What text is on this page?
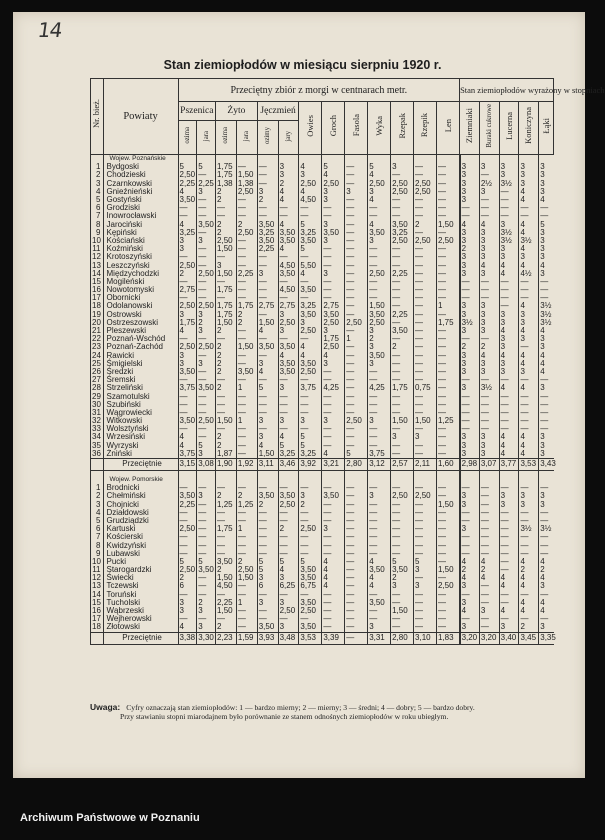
14
Stan ziemiopłodów w miesiącu sierpniu 1920 r.
Nr. bież.	Powiaty	Przeciętny zbiór z morgi w centnarach metr.													Stan ziemiopłodów wyrażony w stopniach				
		Pszenica		Żyto		Jęczmień		Owies	Groch	Fasola	Wyka	Rzepak	Rzepik	Len	Ziemniaki	Buraki cukrowe	Lucerna	Koniczyna	Łąki
		ozima	jara	ozima	jara	ozimy	jary												
	Wojew. Poznańskie																		
1	Bydgoski	5	5	1,75	—	—	3	4	5	—	5	3	—	—	3	3	3	3	3
2	Chodzieski	2,50	—	1,75	1,50	—	3	3	4	—	4	—	—	—	3	—	3	3	3
3	Czarnkowski	2,25	2,25	1,38	1,38	—	2	2,50	2,50	—	2,50	2,50	2,50	—	3	2½	3½	3	3
4	Gnieźnieński	4	3	2	2,50	3	4	4	3	3	3	2,50	2,50	—	3	3	—	4	3
5	Gostyński	3,50	—	2	—	2	4	4,50	3	—	4	—	—	—	3	—	—	4	4
6	Grodziski	—	—	—	—	—	—	—	—	—	—	—	—	—	—	—	—	—	—
7	Inowrocławski	—	—	—	—	—	—	—	—	—	—	—	—	—	—	—	—	—	—
8	Jarociński	4	3,50	2	2	3,50	4	5	3	—	4	3,50	2	1,50	4	4	3	4	5
9	Kępiński	3,25	—	2	2,50	3,25	3,50	3,25	3,50	—	3,50	3,25	—	—	3	3	3½	4	3
10	Kościański	3	3	2,50	—	3,50	3,50	3,50	3	—	3	2,50	2,50	2,50	3	3	3½	3½	3
11	Koźmiński	3	—	1,50	—	2,25	4	5	—	—	—	—	—	—	2	3	3	4	3
12	Krotoszyński	—	—	—	—	—	—	—	—	—	—	—	—	—	3	3	3	3	3
13	Leszczyński	2,50	—	3	—	—	4,50	5,50	—	—	—	—	—	—	3	4	4	4	4
14	Międzychodzki	2	2,50	1,50	2,25	3	3,50	4	3	—	2,50	2,25	—	—	3	3	4	4½	3
15	Mogileński	—	—	—	—	—	—	—	—	—	—	—	—	—	—	—	—	—	—
16	Nowotomyski	2,75	—	1,75	—	—	4,50	3,50	—	—	—	—	—	—	—	—	—	—	—
17	Obornicki	—	—	—	—	—	—	—	—	—	—	—	—	—	—	—	—	—	—
18	Odolanowski	2,50	2,50	1,75	1,75	2,75	2,75	3,25	2,75	—	1,50	—	—	1	3	3	—	4	3½
19	Ostrowski	3	3	1,75	2	—	3	3,50	3,50	—	3,50	2,25	—	—	3	3	3	3	3½
20	Ostrzeszowski	1,75	2	1,50	2	1,50	2,50	3	2,50	2,50	2,50	—	—	1,75	3½	3	3	3	3½
21	Pleszewski	4	3	2	—	4	3	2,50	3	—	3	3,50	—	—	3	3	4	4	4
22	Poznań-Wschód	—	—	—	—	—	—	—	1,75	1	2	—	—	—	—	—	3	3	3
23	Poznań-Zachód	2,50	2,50	2	1,50	3,50	3,50	4	2,50	—	3	2	—	—	2	2	3	—	3
24	Rawicki	3	—	2	—	—	4	4	4	—	3,50	—	—	—	3	4	4	4	4
25	Śmigielski	3	3	2	—	3	3,50	3,50	3	—	3	—	—	—	3	3	3	4	4
26	Średzki	3,50	—	2	3,50	4	3,50	2,50	—	—	—	—	—	—	3	3	3	3	4
27	Śremski	—	—	—	—	—	—	—	—	—	—	—	—	—	—	—	—	—	—
28	Strzeliński	3,75	3,50	2	1	5	3	3,75	4,25	—	4,25	1,75	0,75	—	3	3½	4	4	3
29	Szamotulski	—	—	—	—	—	—	—	—	—	—	—	—	—	—	—	—	—	—
30	Szubiński	—	—	—	—	—	—	—	—	—	—	—	—	—	—	—	—	—	—
31	Wągrowiecki	—	—	—	—	—	—	—	—	—	—	—	—	—	—	—	—	—	—
32	Witkowski	3,50	2,50	1,50	1	3	3	3	3	2,50	3	1,50	1,50	1,25	—	—	—	—	—
33	Wolsztyński	—	—	—	—	—	—	—	—	—	—	—	—	—	—	—	—	—	—
34	Wrzesiński	4	—	2	—	3	4	5	—	—	—	3	3	—	3	3	4	4	3
35	Wyrzyski	4	5	2	—	4	5	5	—	—	—	—	—	—	3	3	4	4	3
36	Żniński	3,75	3	1,87	—	1,50	3,25	3,25	4	5	3,75	—	—	—	3	3	4	4	3
	Przeciętnie	3,15	3,08	1,90	1,92	3,11	3,46	3,92	3,21	2,80	3,12	2,57	2,11	1,60	2,98	3,07	3,77	3,53	3,43

	Wojew. Pomorskie																		
1	Brodnicki	—	—	—	—	—	—	—	—	—	—	—	—	—	—	—	—	—	—
2	Chełmiński	3,50	3	2	2	3,50	3,50	3	3,50	—	3	2,50	2,50	—	3	—	3	3	3
3	Chojnicki	2,25	—	1,25	1,25	2	2,50	2	—	—	—	—	—	1,50	3	—	3	3	3
4	Działdowski	—	—	—	—	—	—	—	—	—	—	—	—	—	—	—	—	—	—
5	Grudziądzki	—	—	—	—	—	—	—	—	—	—	—	—	—	—	—	—	—	—
6	Kartuski	2,50	—	1,75	1	—	2	2,50	3	—	—	—	—	—	3	—	—	3½	3½
7	Kościerski	—	—	—	—	—	—	—	—	—	—	—	—	—	—	—	—	—	—
8	Kwidzyński	—	—	—	—	—	—	—	—	—	—	—	—	—	—	—	—	—	—
9	Lubawski	—	—	—	—	—	—	—	—	—	—	—	—	—	—	—	—	—	—
10	Pucki	5	5	3,50	2	5	5	5	4	—	4	5	5	—	4	4	—	4	4
11	Starogardzki	2,50	3,50	2	2,50	5	4	3,50	4	—	3,50	3,50	3	1,50	2	2	—	2	2
12	Świecki	2	—	1,50	1,50	3	3	3,50	4	—	4	2	—	—	4	4	4	4	4
13	Tczewski	6	—	4,50	—	6	6,25	6,75	4	—	4	3	3	2,50	3	—	4	4	3
14	Toruński	—	—	—	—	—	—	—	—	—	—	—	—	—	—	—	—	—	—
15	Tucholski	3	2	2,25	1	3	3	3,50	—	—	3,50	—	—	—	3	—	—	4	4
16	Wąbrzeski	3	3	1,50	—	—	2,50	2,50	—	—	—	1,50	—	—	4	3	4	4	4
17	Wejherowski	—	—	—	—	—	—	—	—	—	—	—	—	—	—	—	—	—	—
18	Złotowski	4	3	2	—	3,50	3	3,50	—	—	3	—	—	—	3	—	3	2	3
	Przeciętnie	3,38	3,30	2,23	1,59	3,93	3,48	3,53	3,39	—	3,31	2,80	3,10	1,83	3,20	3,20	3,40	3,45	3,35
Uwaga: Cyfry oznaczają stan ziemiopłodów: 1 — bardzo mierny; 2 — mierny; 3 — średni; 4 — dobry; 5 — bardzo dobry.
Przy stawianiu stopni miarodajnem było porównanie ze stanem odnośnych ziemiopłodów w roku ubiegłym.
Archiwum Państwowe w Poznaniu
